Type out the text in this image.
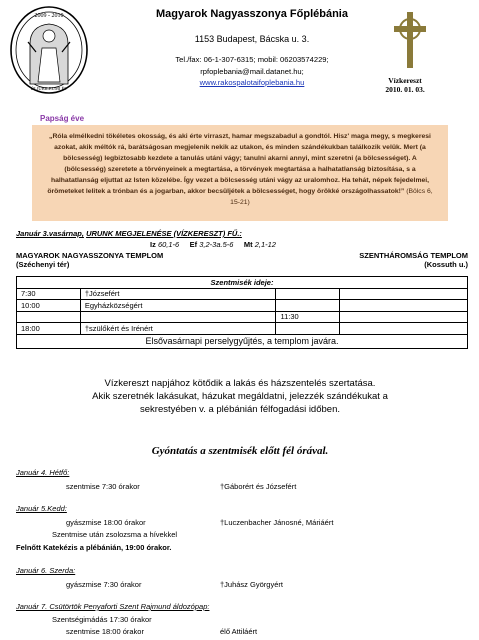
2009 - 2010
ÚJ JUBILEUMI ÉV
Magyarok Nagyasszonya Főplébánia
1153 Budapest, Bácska u. 3.
Tel./fax: 06-1-307-6315; mobil: 06203574229;
rpfoplebania@mail.datanet.hu;
www.rakospalotaifoplebania.hu	Vízkereszt
2010. 01. 03.
Papság éve

„Róla elmélkedni tökéletes okosság, és aki érte virraszt, hamar megszabadul a gondtól. Hisz' maga megy, s megkeresi azokat, akik méltók rá, barátságosan megjelenik nekik az utakon, és minden szándékukban találkozik velük. Mert (a bölcsesség) legbiztosabb kezdete a tanulás utáni vágy; tanulni akarni annyi, mint szeretni (a bölcsességet). A (bölcsesség) szeretete a törvényeinek a megtartása, a törvények megtartása a halhatatlanság biztosítása, s a halhatatlanság eljuttat az Isten közelébe. Így vezet a bölcsesség utáni vágy az uralomhoz. Ha tehát, népek fejedelmei, örömeteket lelitek a trónban és a jogarban, akkor becsüljétek a bölcsességet, hogy örökké országolhassatok!” (Bölcs 6, 15-21)

Január 3.vasárnap, URUNK MEGJELENÉSE (VÍZKERESZT) FŰ.:
Iz 60,1-6 Ef 3,2-3a.5-6 Mt 2,1-12
MAGYAROK NAGYASSZONYA TEMPLOM
(Széchenyi tér)
SZENTHÁROMSÁG TEMPLOM
(Kossuth u.)
Szentmisék ideje:			
7:30	†Józsefért		
10:00	Egyházközségért		
		11:30	
18:00	†szülőkért és Irénért		
Elsővasárnapi perselygyűjtés, a templom javára.			
Vízkereszt napjához kötődik a lakás és házszentelés szertatása.
Akik szeretnék lakásukat, házukat megáldatni, jelezzék szándékukat a
sekrestyében v. a plébánián félfogadási időben.
Gyóntatás a szentmisék előtt fél órával.
Január 4. Hétfő:
szentmise 7:30 órakor	†Gáborért és Józsefért
Január 5.Kedd:
gyászmise 18:00 órakor	†Luczenbacher Jánosné, Máriáért
Szentmise után zsolozsma a hívekkel
Felnőtt Katekézis a plébánián, 19:00 órakor.
Január 6. Szerda:
gyászmise 7:30 órakor	†Juhász Györgyért
Január 7. Csütörtök Penyaforti Szent Rajmund áldozópap:
Szentségimádás 17:30 órakor
szentmise 18:00 órakor	élő Attiláért
